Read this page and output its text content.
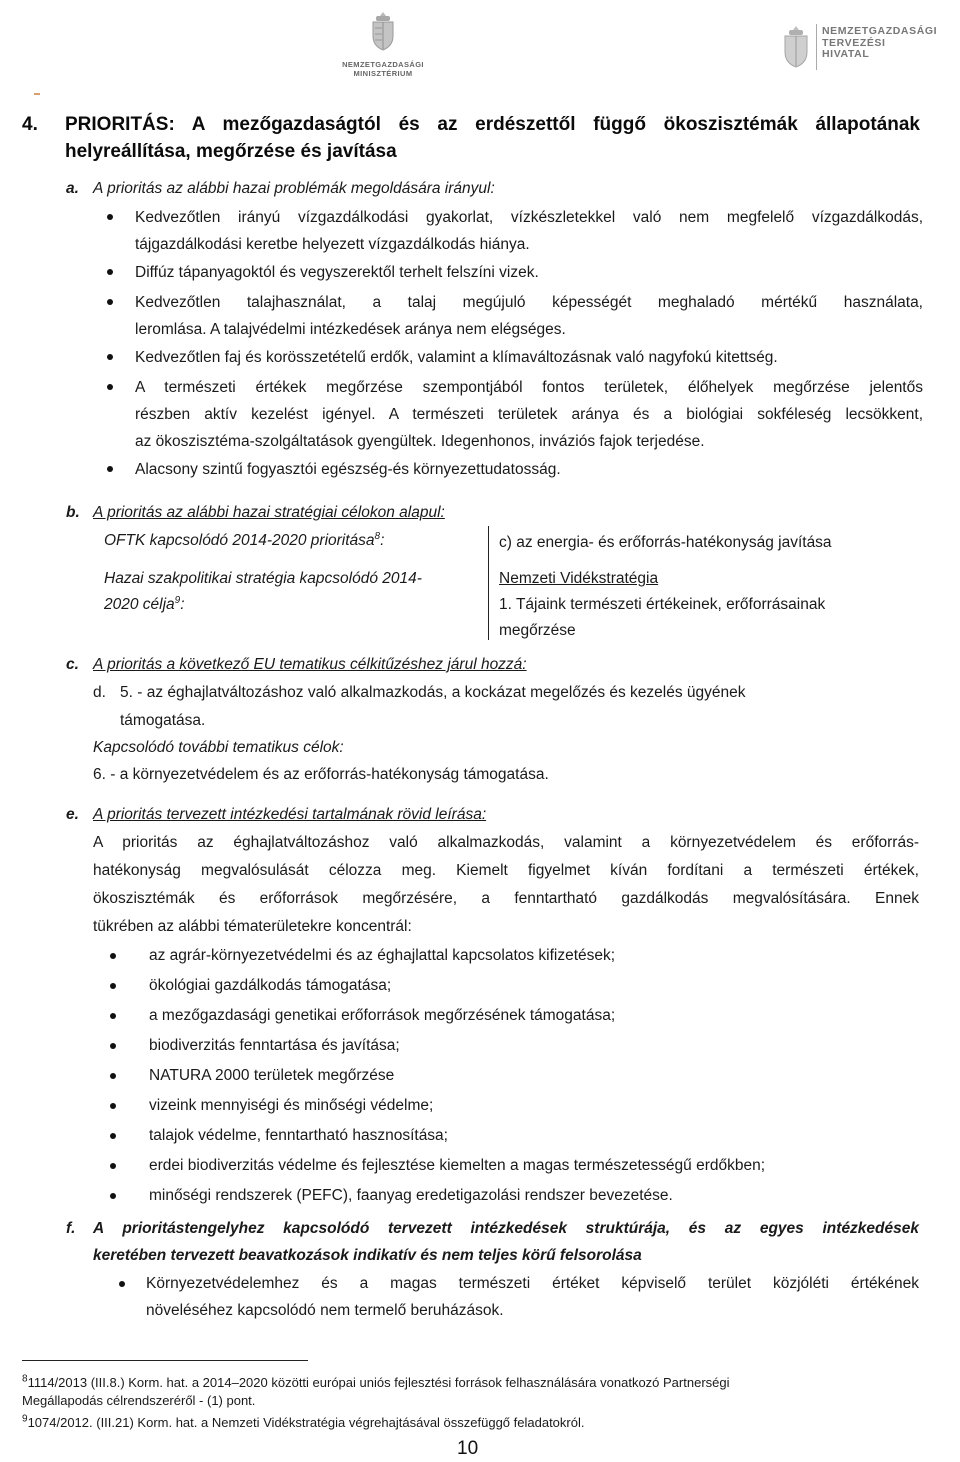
NEMZETGAZDASÁGI
MINISZTÉRIUM
NEMZETGAZDASÁGI
TERVEZÉSI
HIVATAL
4. PRIORITÁS: A mezőgazdaságtól és az erdészettől függő ökoszisztémák állapotának
helyreállítása, megőrzése és javítása
a. A prioritás az alábbi hazai problémák megoldására irányul:
Kedvezőtlen irányú vízgazdálkodási gyakorlat, vízkészletekkel való nem megfelelő vízgazdálkodás,
tájgazdálkodási keretbe helyezett vízgazdálkodás hiánya.
Diffúz tápanyagoktól és vegyszerektől terhelt felszíni vizek.
Kedvezőtlen talajhasználat, a talaj megújuló képességét meghaladó mértékű használata,
leromlása. A talajvédelmi intézkedések aránya nem elégséges.
Kedvezőtlen faj és korösszetételű erdők, valamint a klímaváltozásnak való nagyfokú kitettség.
A természeti értékek megőrzése szempontjából fontos területek, élőhelyek megőrzése jelentős
részben aktív kezelést igényel. A természeti területek aránya és a biológiai sokféleség lecsökkent,
az ökoszisztéma-szolgáltatások gyengültek. Idegenhonos, inváziós fajok terjedése.
Alacsony szintű fogyasztói egészség-és környezettudatosság.
b. A prioritás az alábbi hazai stratégiai célokon alapul:
OFTK kapcsolódó 2014-2020 prioritása$^8$:	c) az energia- és erőforrás-hatékonyság javítása
Hazai szakpolitikai stratégia kapcsolódó 2014-
2020 célja$^9$:
Nemzeti Vidékstratégia
1. Tájaink természeti értékeinek, erőforrásainak
megőrzése
c. A prioritás a következő EU tematikus célkitűzéshez járul hozzá:
d. 5. - az éghajlatváltozáshoz való alkalmazkodás, a kockázat megelőzés és kezelés ügyének
támogatása.
Kapcsolódó további tematikus célok:
6. - a környezetvédelem és az erőforrás-hatékonyság támogatása.
e. A prioritás tervezett intézkedési tartalmának rövid leírása:
A prioritás az éghajlatváltozáshoz való alkalmazkodás, valamint a környezetvédelem és erőforrás-
hatékonyság megvalósulását célozza meg. Kiemelt figyelmet kíván fordítani a természeti értékek,
ökoszisztémák és erőforrások megőrzésére, a fenntartható gazdálkodás megvalósítására. Ennek
tükrében az alábbi tématerületekre koncentrál:
az agrár-környezetvédelmi és az éghajlattal kapcsolatos kifizetések;
ökológiai gazdálkodás támogatása;
a mezőgazdasági genetikai erőforrások megőrzésének támogatása;
biodiverzitás fenntartása és javítása;
NATURA 2000 területek megőrzése
vizeink mennyiségi és minőségi védelme;
talajok védelme, fenntartható hasznosítása;
erdei biodiverzitás védelme és fejlesztése kiemelten a magas természetességű erdőkben;
minőségi rendszerek (PEFC), faanyag eredetigazolási rendszer bevezetése.
f. A prioritástengelyhez kapcsolódó tervezett intézkedések struktúrája, és az egyes intézkedések
keretében tervezett beavatkozások indikatív és nem teljes körű felsorolása
Környezetvédelemhez és a magas természeti értéket képviselő terület közjóléti értékének
növeléséhez kapcsolódó nem termelő beruházások.
$^8$1114/2013 (III.8.) Korm. hat. a 2014–2020 közötti európai uniós fejlesztési források felhasználására vonatkozó Partnerségi
Megállapodás célrendszeréről - (1) pont.
$^9$1074/2012. (III.21) Korm. hat. a Nemzeti Vidékstratégia végrehajtásával összefüggő feladatokról.
10
